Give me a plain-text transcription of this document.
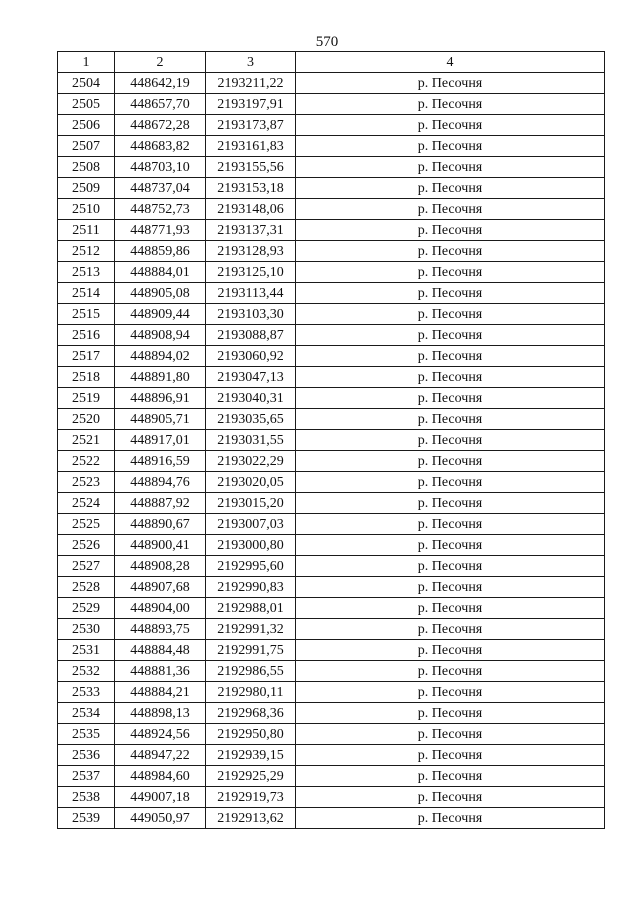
570
1	2	3	4
2504	448642,19	2193211,22	р. Песочня
2505	448657,70	2193197,91	р. Песочня
2506	448672,28	2193173,87	р. Песочня
2507	448683,82	2193161,83	р. Песочня
2508	448703,10	2193155,56	р. Песочня
2509	448737,04	2193153,18	р. Песочня
2510	448752,73	2193148,06	р. Песочня
2511	448771,93	2193137,31	р. Песочня
2512	448859,86	2193128,93	р. Песочня
2513	448884,01	2193125,10	р. Песочня
2514	448905,08	2193113,44	р. Песочня
2515	448909,44	2193103,30	р. Песочня
2516	448908,94	2193088,87	р. Песочня
2517	448894,02	2193060,92	р. Песочня
2518	448891,80	2193047,13	р. Песочня
2519	448896,91	2193040,31	р. Песочня
2520	448905,71	2193035,65	р. Песочня
2521	448917,01	2193031,55	р. Песочня
2522	448916,59	2193022,29	р. Песочня
2523	448894,76	2193020,05	р. Песочня
2524	448887,92	2193015,20	р. Песочня
2525	448890,67	2193007,03	р. Песочня
2526	448900,41	2193000,80	р. Песочня
2527	448908,28	2192995,60	р. Песочня
2528	448907,68	2192990,83	р. Песочня
2529	448904,00	2192988,01	р. Песочня
2530	448893,75	2192991,32	р. Песочня
2531	448884,48	2192991,75	р. Песочня
2532	448881,36	2192986,55	р. Песочня
2533	448884,21	2192980,11	р. Песочня
2534	448898,13	2192968,36	р. Песочня
2535	448924,56	2192950,80	р. Песочня
2536	448947,22	2192939,15	р. Песочня
2537	448984,60	2192925,29	р. Песочня
2538	449007,18	2192919,73	р. Песочня
2539	449050,97	2192913,62	р. Песочня
